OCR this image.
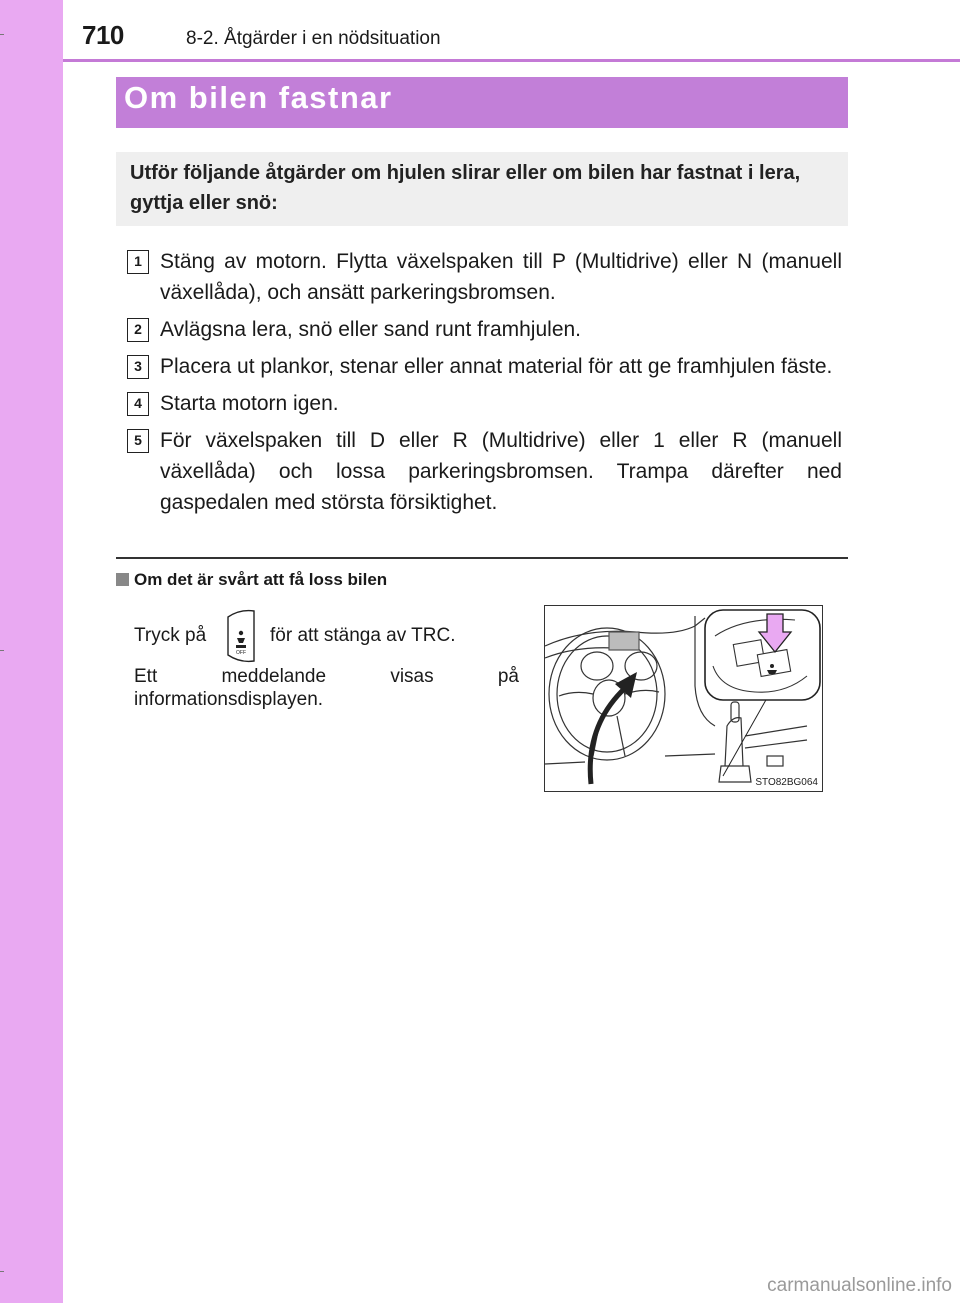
710	8-2. Åtgärder i en nödsituation
Om bilen fastnar
Utför följande åtgärder om hjulen slirar eller om bilen har fastnat i lera, gyttja eller snö:
1 Stäng av motorn. Flytta växelspaken till P (Multidrive) eller N (manuell växellåda), och ansätt parkeringsbromsen.
2 Avlägsna lera, snö eller sand runt framhjulen.
3 Placera ut plankor, stenar eller annat material för att ge framhjulen fäste.
4 Starta motorn igen.
5 För växelspaken till D eller R (Multidrive) eller 1 eller R (manuell växellåda) och lossa parkeringsbromsen. Trampa därefter ned gaspedalen med största försiktighet.
Om det är svårt att få loss bilen
Tryck på
OFF
för att stänga av TRC.
Ett meddelande visas på informationsdisplayen.
STO82BG064
carmanualsonline.info
